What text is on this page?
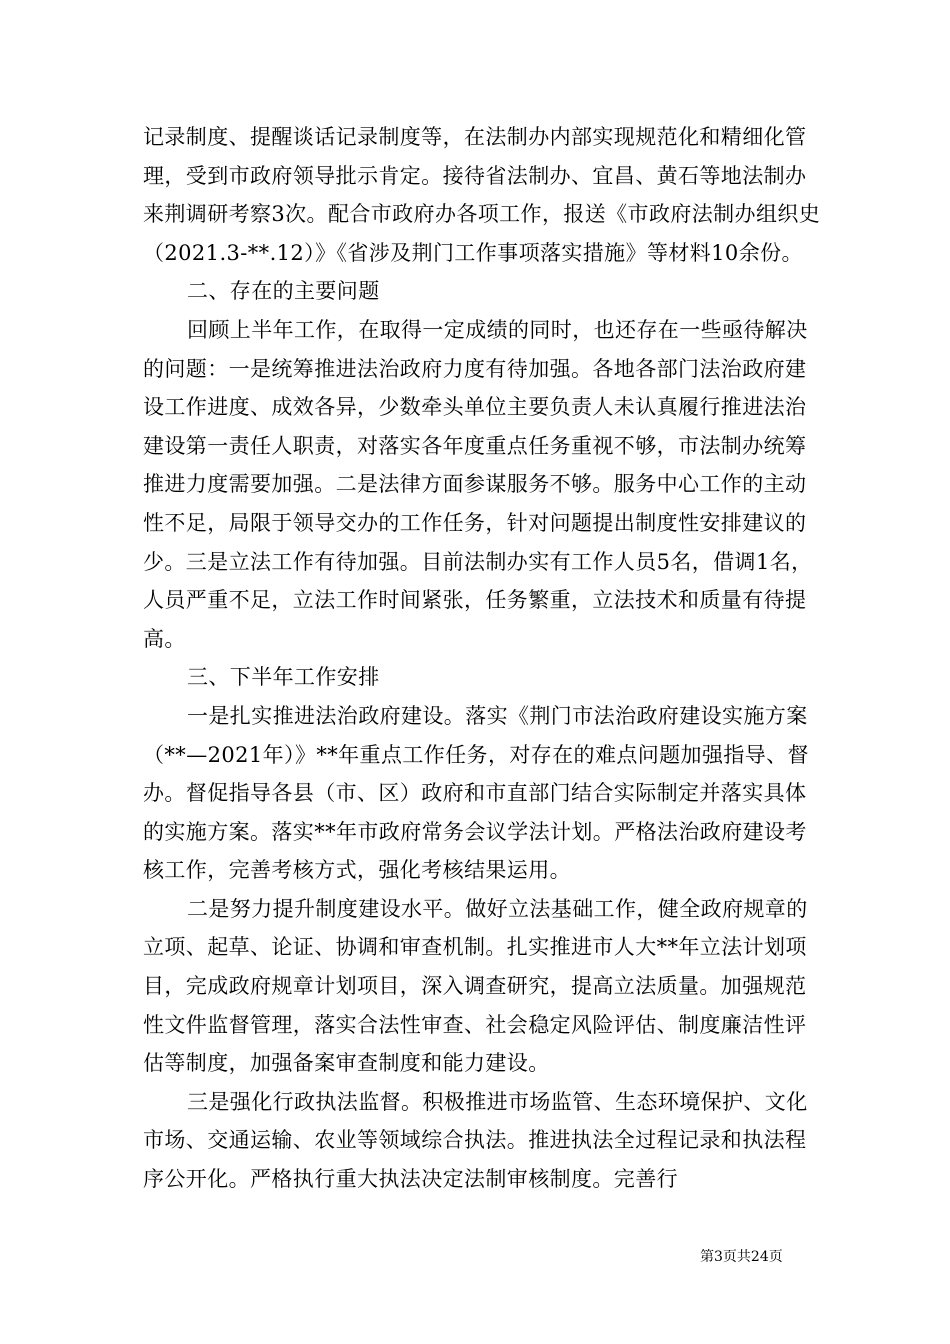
记录制度、提醒谈话记录制度等，在法制办内部实现规范化和精细化管理，受到市政府领导批示肯定。接待省法制办、宜昌、黄石等地法制办来荆调研考察3次。配合市政府办各项工作，报送《市政府法制办组织史（2021.3-**.12）》《省涉及荆门工作事项落实措施》等材料10余份。

二、存在的主要问题

回顾上半年工作，在取得一定成绩的同时，也还存在一些亟待解决的问题：一是统筹推进法治政府力度有待加强。各地各部门法治政府建设工作进度、成效各异，少数牵头单位主要负责人未认真履行推进法治建设第一责任人职责，对落实各年度重点任务重视不够，市法制办统筹推进力度需要加强。二是法律方面参谋服务不够。服务中心工作的主动性不足，局限于领导交办的工作任务，针对问题提出制度性安排建议的少。三是立法工作有待加强。目前法制办实有工作人员5名，借调1名，人员严重不足，立法工作时间紧张，任务繁重，立法技术和质量有待提高。

三、下半年工作安排

一是扎实推进法治政府建设。落实《荆门市法治政府建设实施方案（**—2021年）》**年重点工作任务，对存在的难点问题加强指导、督办。督促指导各县（市、区）政府和市直部门结合实际制定并落实具体的实施方案。落实**年市政府常务会议学法计划。严格法治政府建设考核工作，完善考核方式，强化考核结果运用。

二是努力提升制度建设水平。做好立法基础工作，健全政府规章的立项、起草、论证、协调和审查机制。扎实推进市人大**年立法计划项目，完成政府规章计划项目，深入调查研究，提高立法质量。加强规范性文件监督管理，落实合法性审查、社会稳定风险评估、制度廉洁性评估等制度，加强备案审查制度和能力建设。

三是强化行政执法监督。积极推进市场监管、生态环境保护、文化市场、交通运输、农业等领域综合执法。推进执法全过程记录和执法程序公开化。严格执行重大执法决定法制审核制度。完善行

第3页共24页
